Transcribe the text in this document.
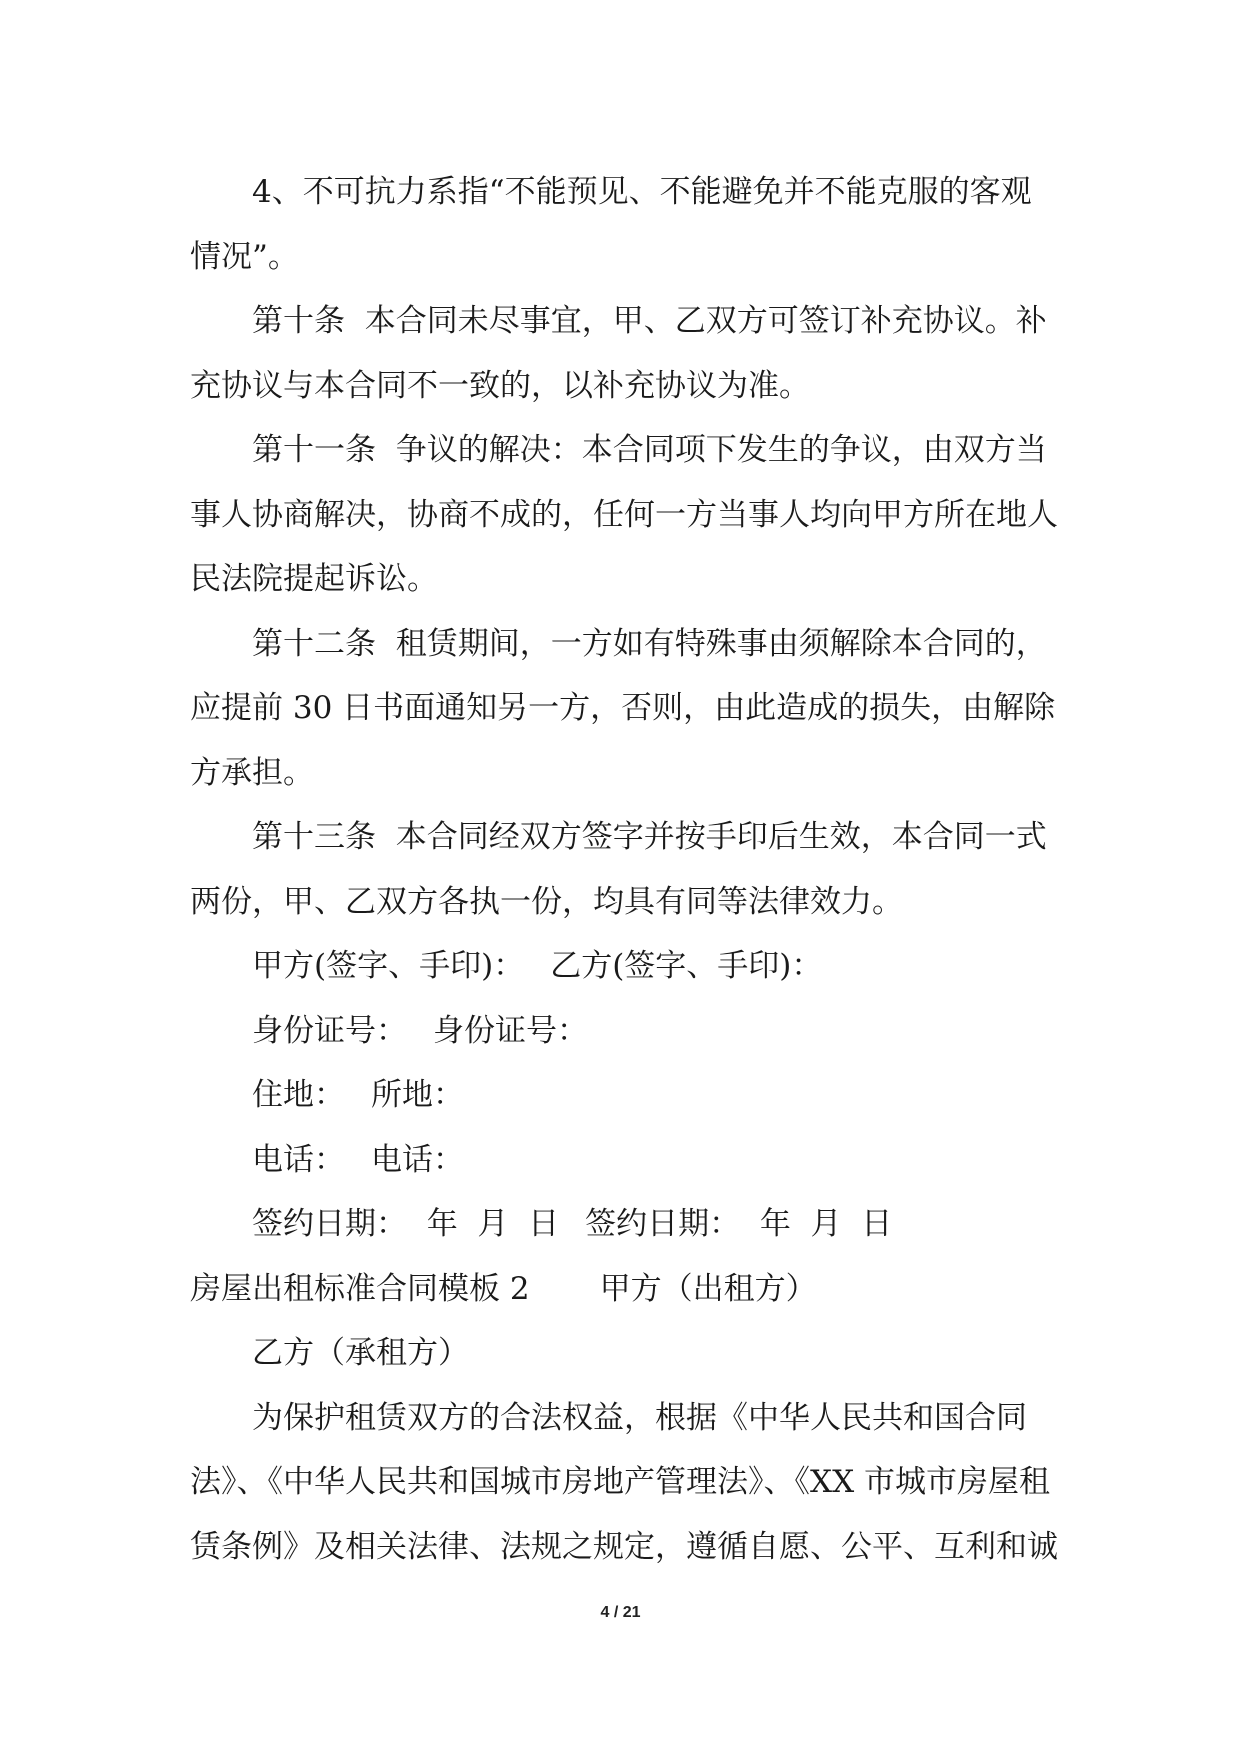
4、不可抗力系指“不能预见、不能避免并不能克服的客观
情况”。
第十条  本合同未尽事宜，甲、乙双方可签订补充协议。补
充协议与本合同不一致的，以补充协议为准。
第十一条  争议的解决：本合同项下发生的争议，由双方当
事人协商解决，协商不成的，任何一方当事人均向甲方所在地人
民法院提起诉讼。
第十二条  租赁期间，一方如有特殊事由须解除本合同的，
应提前 30 日书面通知另一方，否则，由此造成的损失，由解除
方承担。
第十三条  本合同经双方签字并按手印后生效，本合同一式
两份，甲、乙双方各执一份，均具有同等法律效力。
甲方(签字、手印)： 乙方(签字、手印)：
身份证号： 身份证号：
住地： 所地：
电话： 电话：
签约日期：  年  月  日 签约日期：  年  月  日
房屋出租标准合同模板 2 甲方（出租方）
乙方（承租方）
为保护租赁双方的合法权益，根据《中华人民共和国合同
法》、《中华人民共和国城市房地产管理法》、《XX 市城市房屋租
赁条例》及相关法律、法规之规定，遵循自愿、公平、互利和诚
4 / 21
